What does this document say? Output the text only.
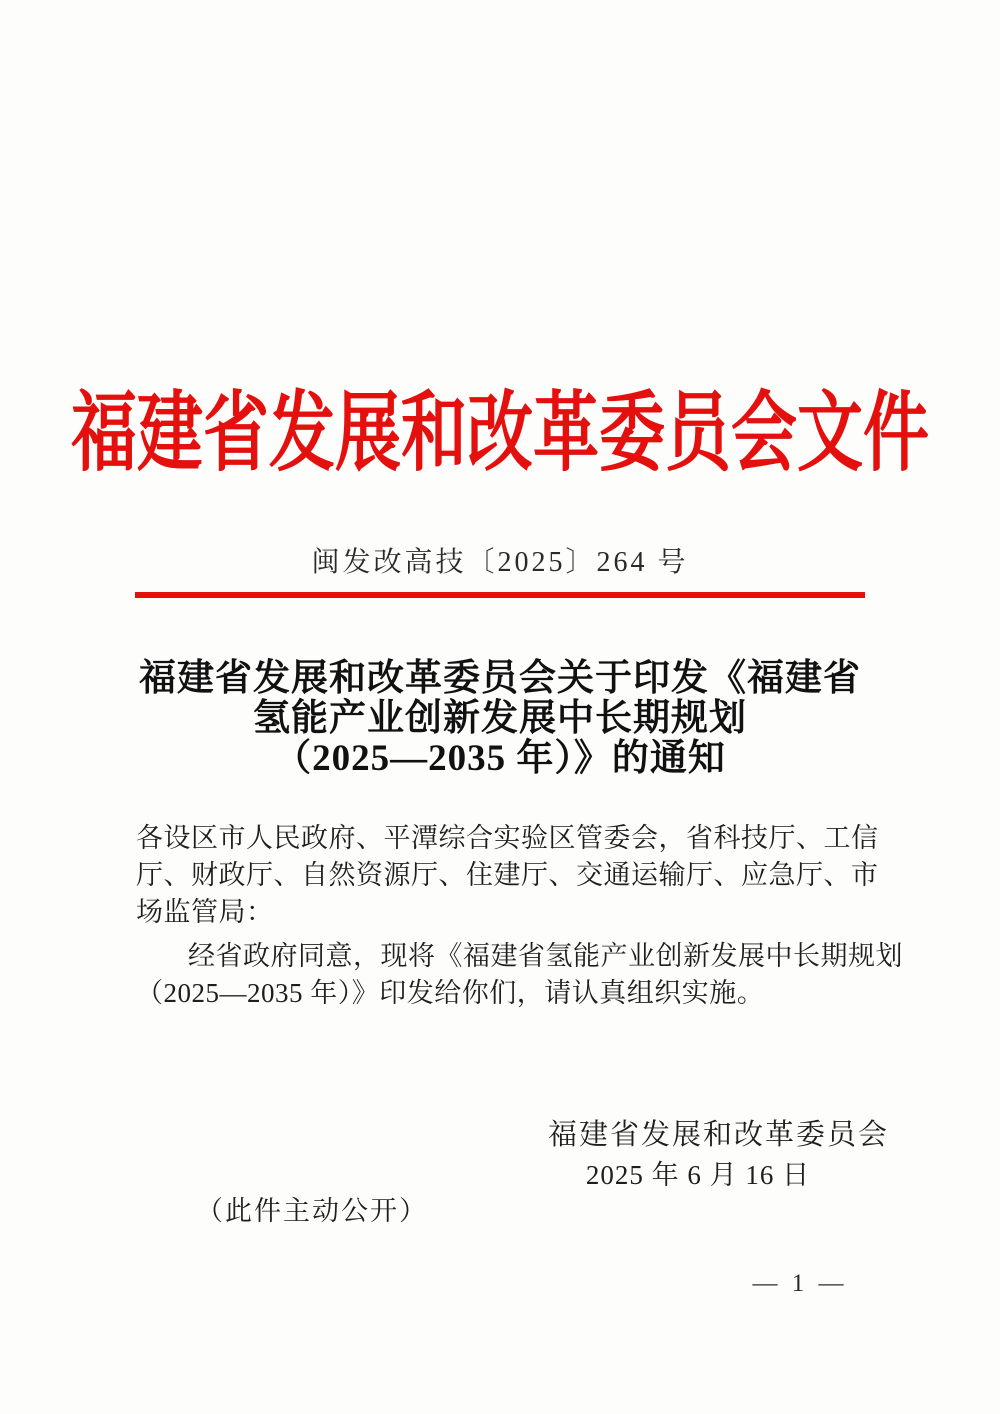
福建省发展和改革委员会文件
闽发改高技〔2025〕264 号
福建省发展和改革委员会关于印发《福建省
氢能产业创新发展中长期规划
（2025—2035 年）》的通知
各设区市人民政府、平潭综合实验区管委会，省科技厅、工信
厅、财政厅、自然资源厅、住建厅、交通运输厅、应急厅、市
场监管局：
经省政府同意，现将《福建省氢能产业创新发展中长期规划
（2025—2035 年）》印发给你们，请认真组织实施。
福建省发展和改革委员会
2025 年 6 月 16 日
（此件主动公开）
— 1 —
